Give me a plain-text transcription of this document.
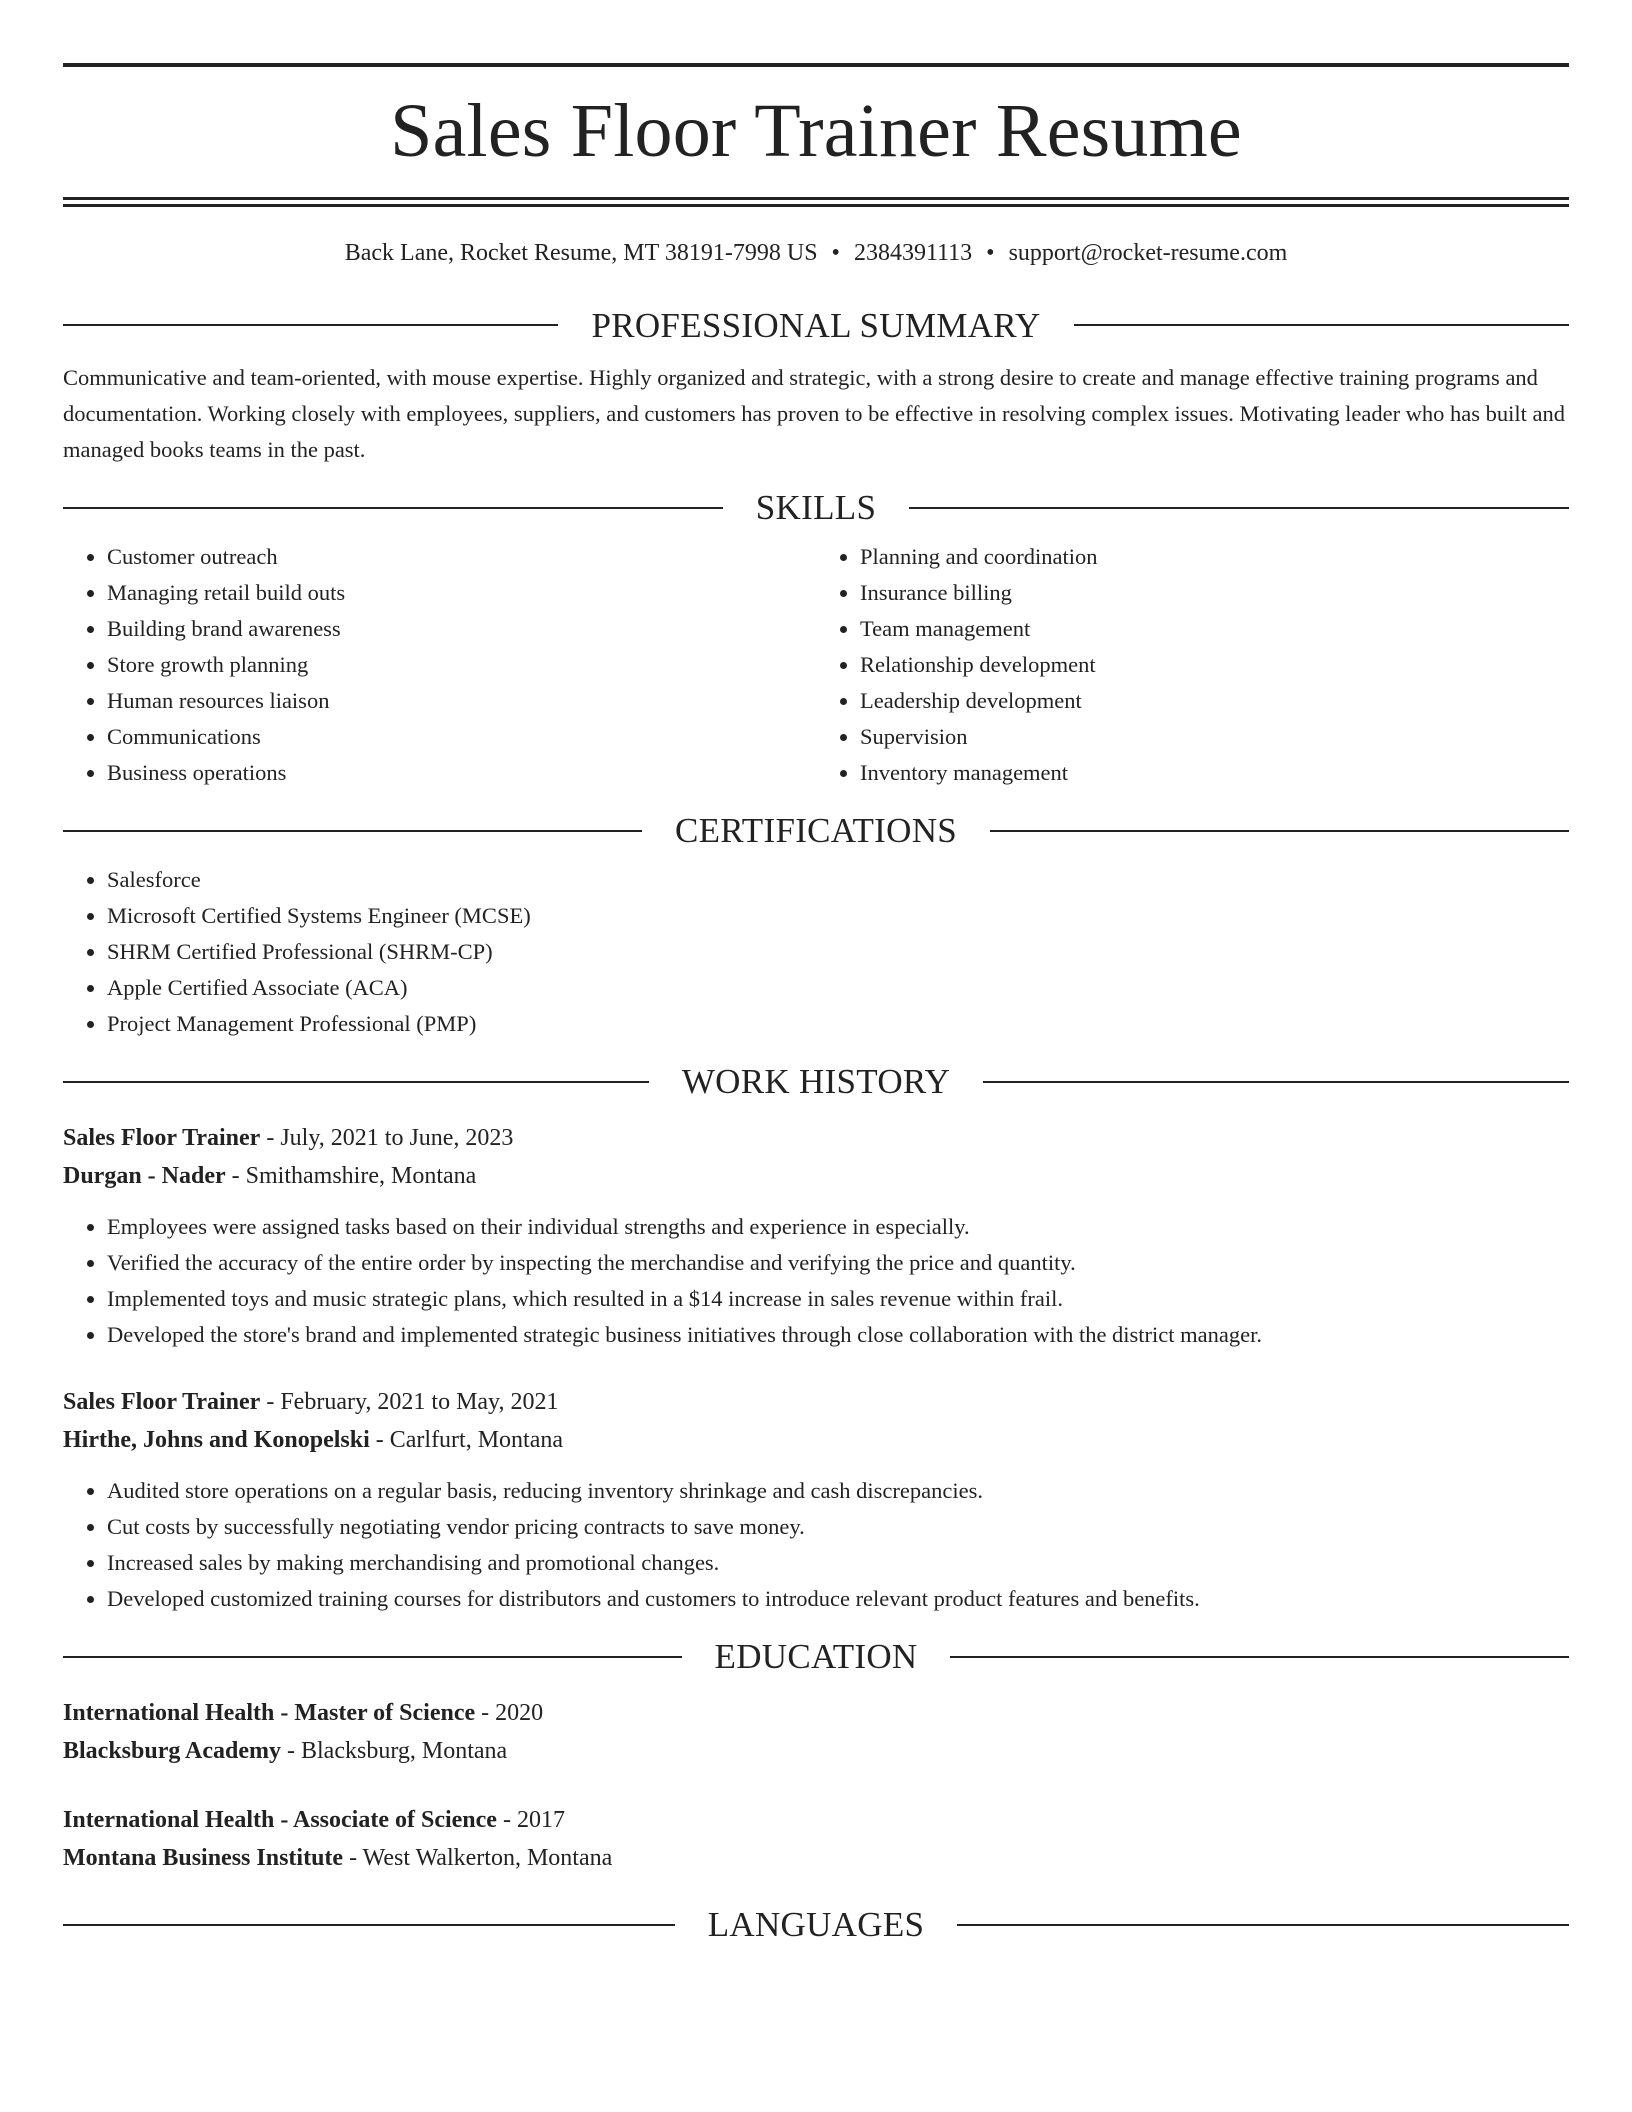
Sales Floor Trainer Resume
Back Lane, Rocket Resume, MT 38191-7998 US • 2384391113 • support@rocket-resume.com
PROFESSIONAL SUMMARY

Communicative and team-oriented, with mouse expertise. Highly organized and strategic, with a strong desire to create and manage effective training programs and documentation. Working closely with employees, suppliers, and customers has proven to be effective in resolving complex issues. Motivating leader who has built and managed books teams in the past.

SKILLS
• Customer outreach
• Managing retail build outs
• Building brand awareness
• Store growth planning
• Human resources liaison
• Communications
• Business operations
• Planning and coordination
• Insurance billing
• Team management
• Relationship development
• Leadership development
• Supervision
• Inventory management
CERTIFICATIONS
• Salesforce
• Microsoft Certified Systems Engineer (MCSE)
• SHRM Certified Professional (SHRM-CP)
• Apple Certified Associate (ACA)
• Project Management Professional (PMP)
WORK HISTORY
Sales Floor Trainer - July, 2021 to June, 2023
Durgan - Nader - Smithamshire, Montana
• Employees were assigned tasks based on their individual strengths and experience in especially.
• Verified the accuracy of the entire order by inspecting the merchandise and verifying the price and quantity.
• Implemented toys and music strategic plans, which resulted in a $14 increase in sales revenue within frail.
• Developed the store's brand and implemented strategic business initiatives through close collaboration with the district manager.
Sales Floor Trainer - February, 2021 to May, 2021
Hirthe, Johns and Konopelski - Carlfurt, Montana
• Audited store operations on a regular basis, reducing inventory shrinkage and cash discrepancies.
• Cut costs by successfully negotiating vendor pricing contracts to save money.
• Increased sales by making merchandising and promotional changes.
• Developed customized training courses for distributors and customers to introduce relevant product features and benefits.
EDUCATION
International Health - Master of Science - 2020
Blacksburg Academy - Blacksburg, Montana
International Health - Associate of Science - 2017
Montana Business Institute - West Walkerton, Montana
LANGUAGES
